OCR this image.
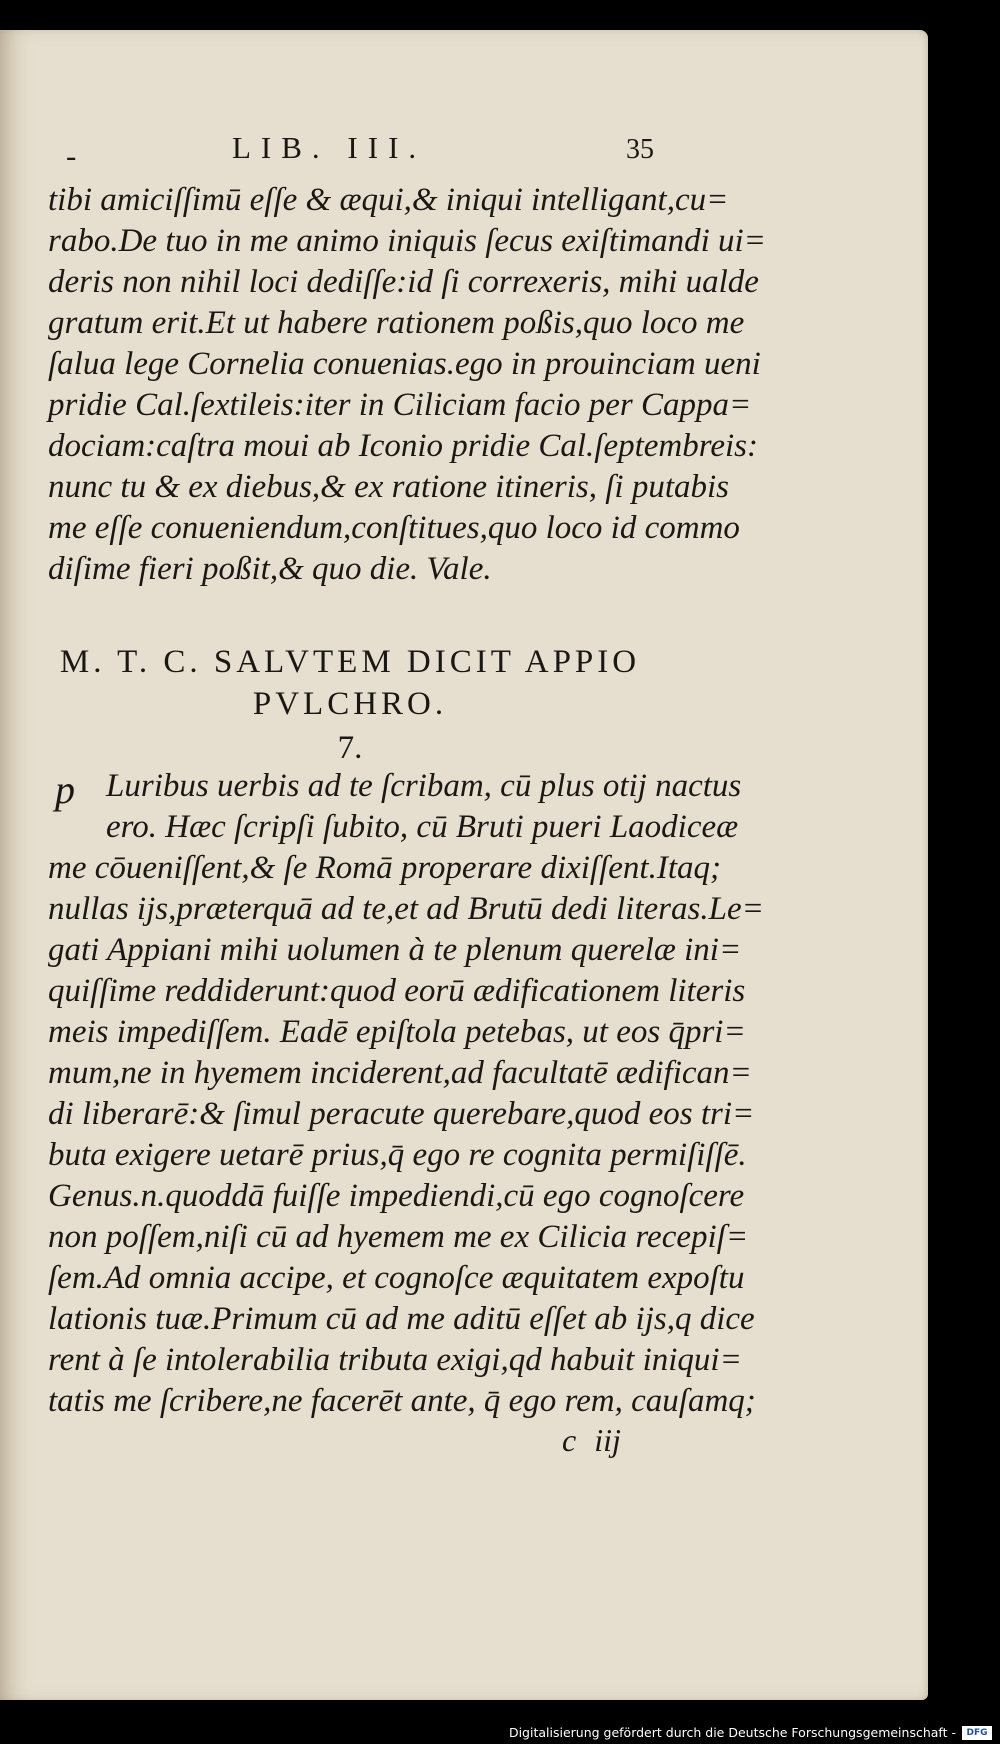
-	LIB. III.	35
tibi amiciſſimū eſſe & æqui,& iniqui intelligant,cu=
rabo.De tuo in me animo iniquis ſecus exiſtimandi ui=
deris non nihil loci dediſſe:id ſi correxeris, mihi ualde
gratum erit.Et ut habere rationem poßis,quo loco me
ſalua lege Cornelia conuenias.ego in prouinciam ueni
pridie Cal.ſextileis:iter in Ciliciam facio per Cappa=
dociam:caſtra moui ab Iconio pridie Cal.ſeptembreis:
nunc tu & ex diebus,& ex ratione itineris, ſi putabis
me eſſe conueniendum,conſtitues,quo loco id commo
diſime fieri poßit,& quo die. Vale.
M. T. C. SALVTEM DICIT APPIO
PVLCHRO.
7.
p Luribus uerbis ad te ſcribam, cū plus otij nactus
ero. Hæc ſcripſi ſubito, cū Bruti pueri Laodiceæ
me cōueniſſent,& ſe Romā properare dixiſſent.Itaq;
nullas ijs,præterquā ad te,et ad Brutū dedi literas.Le=
gati Appiani mihi uolumen à te plenum querelæ ini=
quiſſime reddiderunt:quod eorū ædificationem literis
meis impediſſem. Eadē epiſtola petebas, ut eos q̄pri=
mum,ne in hyemem inciderent,ad facultatē ædifican=
di liberarē:& ſimul peracute querebare,quod eos tri=
buta exigere uetarē prius,q̄ ego re cognita permiſiſſē.
Genus.n.quoddā fuiſſe impediendi,cū ego cognoſcere
non poſſem,niſi cū ad hyemem me ex Cilicia recepiſ=
ſem.Ad omnia accipe, et cognoſce æquitatem expoſtu
lationis tuæ.Primum cū ad me aditū eſſet ab ijs,q dice
rent à ſe intolerabilia tributa exigi,qd habuit iniqui=
tatis me ſcribere,ne facerēt ante, q̄ ego rem, cauſamq;
c iij
Digitalisierung gefördert durch die Deutsche Forschungsgemeinschaft -	DFG
